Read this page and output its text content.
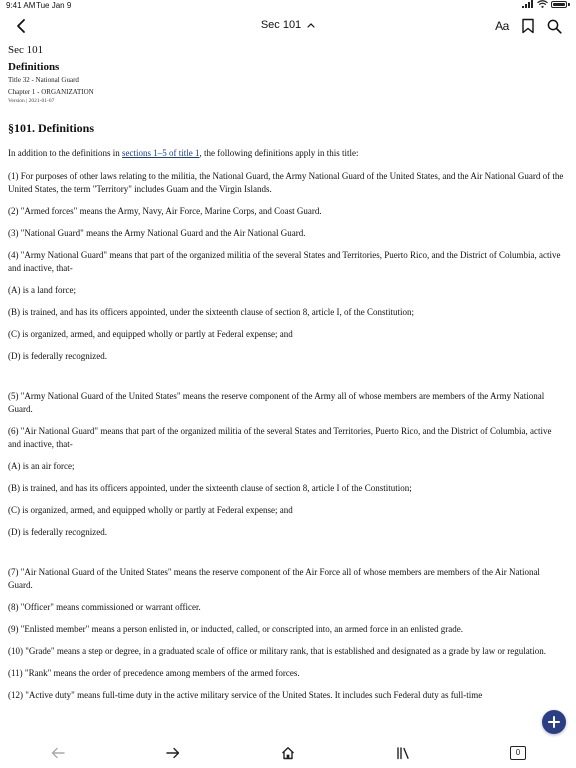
9:41 AM Tue Jan 9
Sec 101	Aa
Sec 101
Definitions
Title 32 - National Guard
Chapter 1 - ORGANIZATION
Version | 2021-01-07
§101. Definitions
In addition to the definitions in sections 1–5 of title 1, the following definitions apply in this title:
(1) For purposes of other laws relating to the militia, the National Guard, the Army National Guard of the United States, and the Air National Guard of the United States, the term "Territory" includes Guam and the Virgin Islands.
(2) "Armed forces" means the Army, Navy, Air Force, Marine Corps, and Coast Guard.
(3) "National Guard" means the Army National Guard and the Air National Guard.
(4) "Army National Guard" means that part of the organized militia of the several States and Territories, Puerto Rico, and the District of Columbia, active and inactive, that-
(A) is a land force;
(B) is trained, and has its officers appointed, under the sixteenth clause of section 8, article I, of the Constitution;
(C) is organized, armed, and equipped wholly or partly at Federal expense; and
(D) is federally recognized.
(5) "Army National Guard of the United States" means the reserve component of the Army all of whose members are members of the Army National Guard.
(6) "Air National Guard" means that part of the organized militia of the several States and Territories, Puerto Rico, and the District of Columbia, active and inactive, that-
(A) is an air force;
(B) is trained, and has its officers appointed, under the sixteenth clause of section 8, article I of the Constitution;
(C) is organized, armed, and equipped wholly or partly at Federal expense; and
(D) is federally recognized.
(7) "Air National Guard of the United States" means the reserve component of the Air Force all of whose members are members of the Air National Guard.
(8) "Officer" means commissioned or warrant officer.
(9) "Enlisted member" means a person enlisted in, or inducted, called, or conscripted into, an armed force in an enlisted grade.
(10) "Grade" means a step or degree, in a graduated scale of office or military rank, that is established and designated as a grade by law or regulation.
(11) "Rank" means the order of precedence among members of the armed forces.
(12) "Active duty" means full-time duty in the active military service of the United States. It includes such Federal duty as full-time
0
